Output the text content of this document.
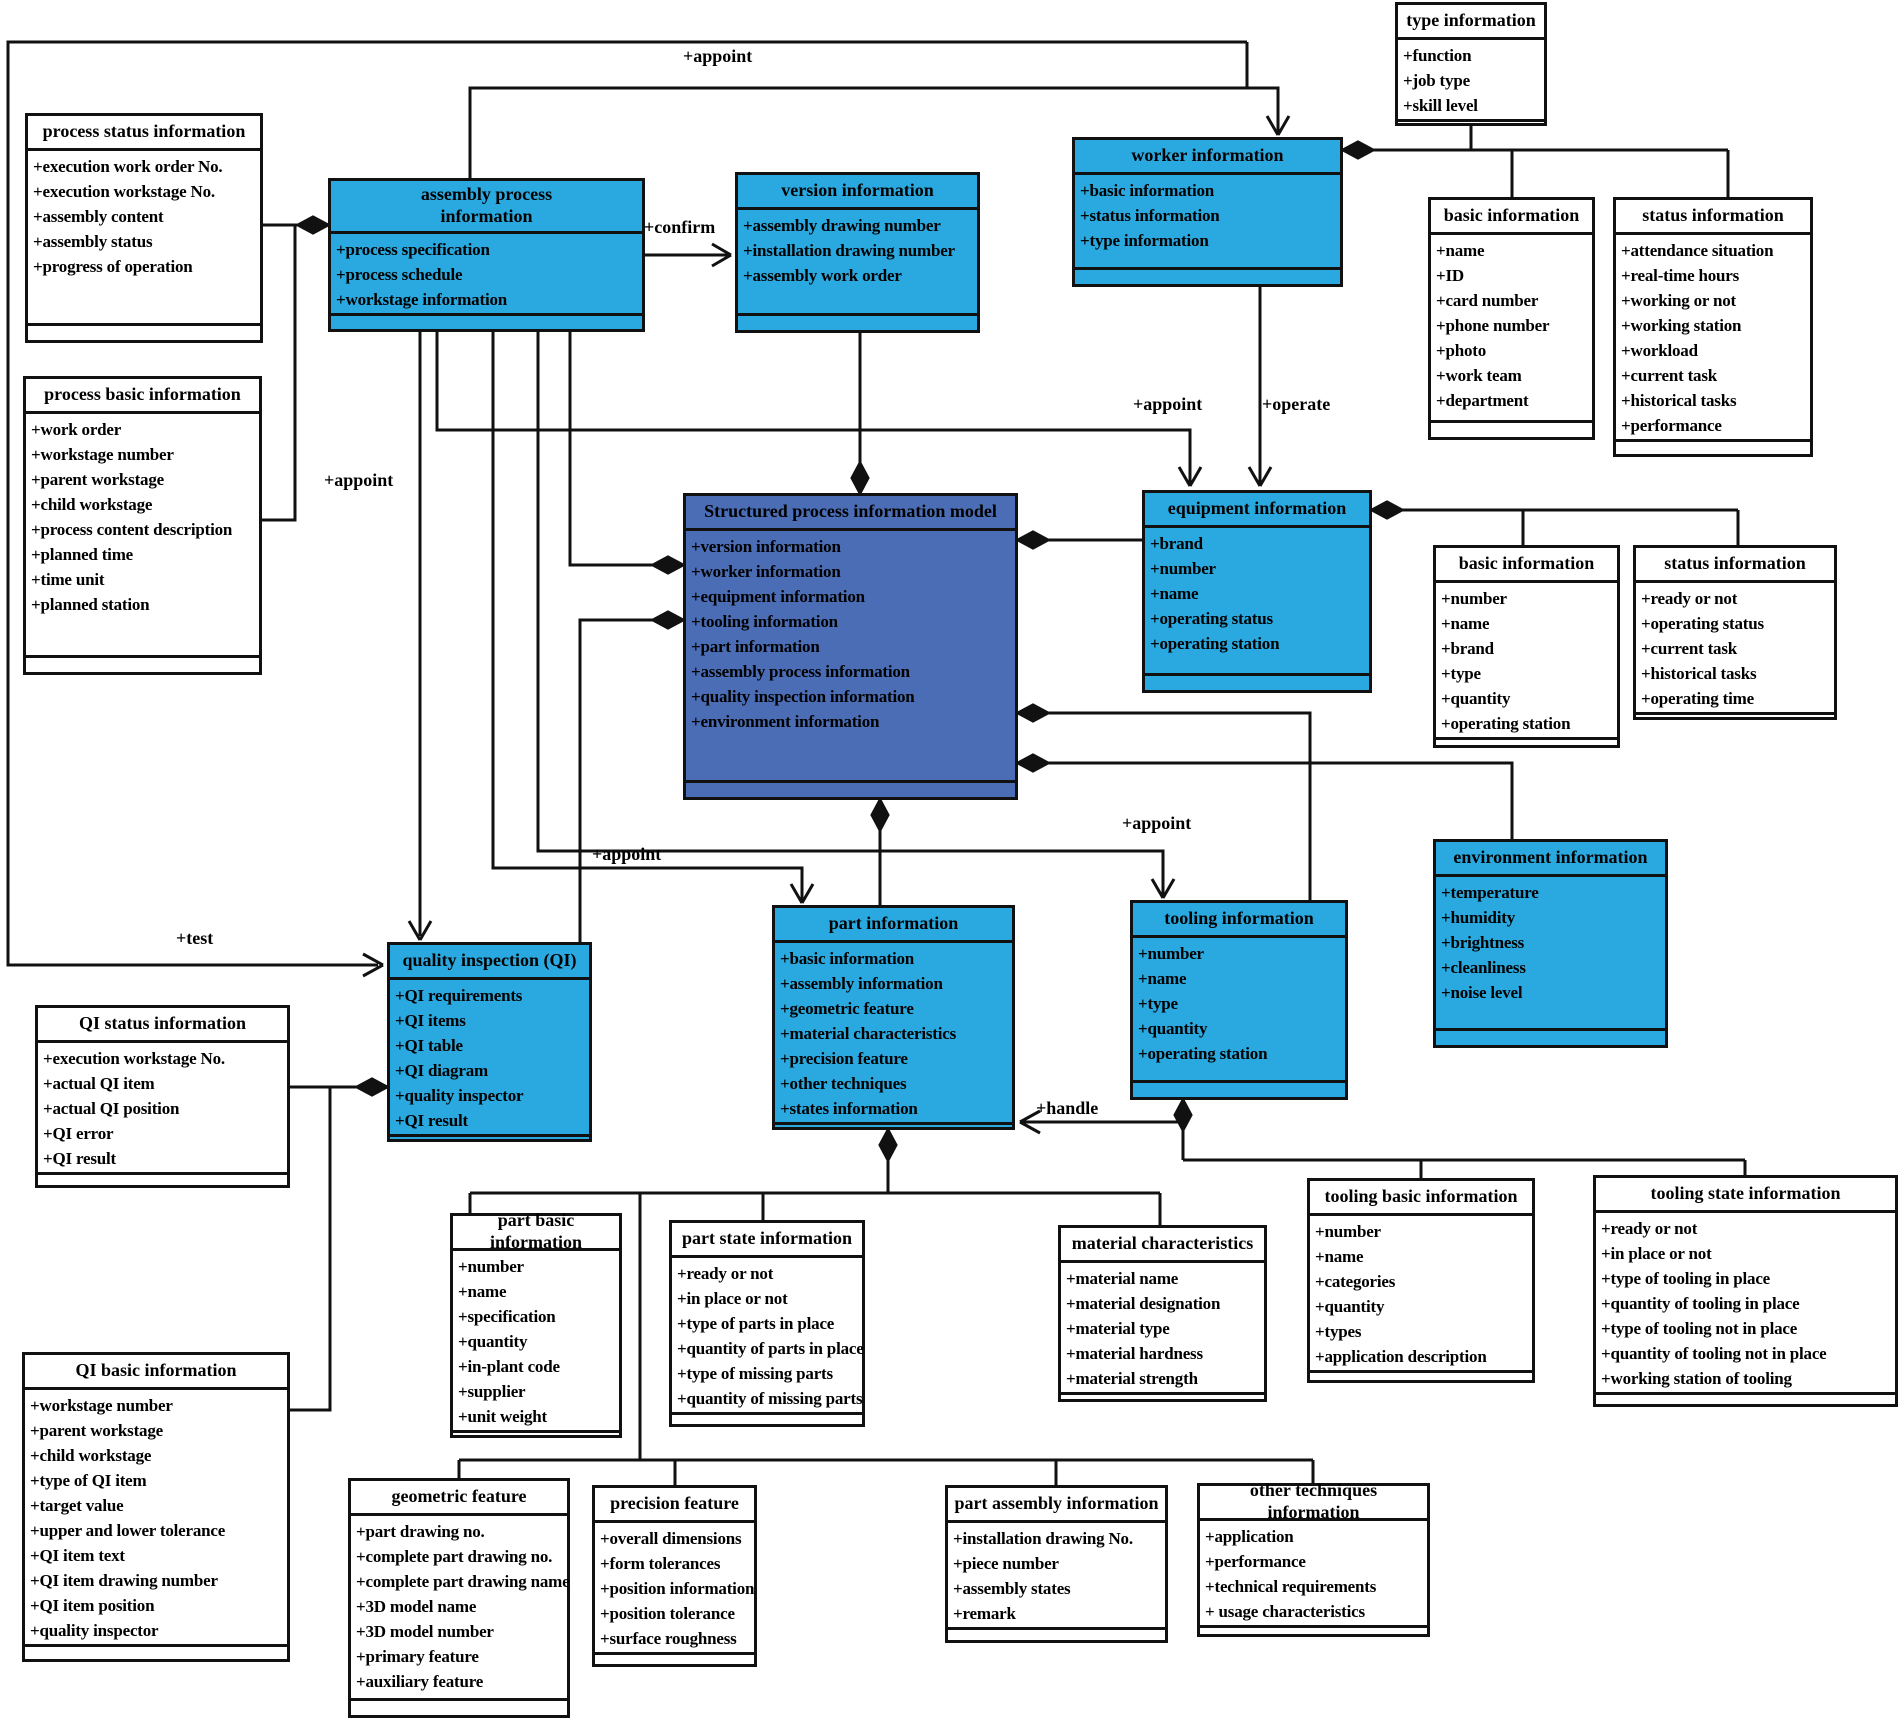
process status information
+execution work order No.
+execution workstage No.
+assembly content
+assembly status
+progress of operation
process basic information
+work order
+workstage number
+parent workstage
+child workstage
+process content description
+planned time
+time unit
+planned station
assembly process information
+process specification
+process schedule
+workstage information
version information
+assembly drawing number
+installation drawing number
+assembly work order
type information
+function
+job type
+skill level
worker information
+basic information
+status information
+type information
basic information
+name
+ID
+card number
+phone number
+photo
+work team
+department
status information
+attendance situation
+real-time hours
+working or not
+working station
+workload
+current task
+historical tasks
+performance
Structured process information model
+version information
+worker information
+equipment information
+tooling information
+part information
+assembly process information
+quality inspection information
+environment information
equipment information
+brand
+number
+name
+operating status
+operating station
basic information
+number
+name
+brand
+type
+quantity
+operating station
status information
+ready or not
+operating status
+current task
+historical tasks
+operating time
environment information
+temperature
+humidity
+brightness
+cleanliness
+noise level
quality inspection (QI)
+QI requirements
+QI items
+QI table
+QI diagram
+quality inspector
+QI result
part information
+basic information
+assembly information
+geometric feature
+material characteristics
+precision feature
+other techniques
+states information
tooling information
+number
+name
+type
+quantity
+operating station
QI status information
+execution workstage No.
+actual QI item
+actual QI position
+QI error
+QI result
QI basic information
+workstage number
+parent workstage
+child workstage
+type of QI item
+target value
+upper and lower tolerance
+QI item text
+QI item drawing number
+QI item position
+quality inspector
part basic information
+number
+name
+specification
+quantity
+in-plant code
+supplier
+unit weight
part state information
+ready or not
+in place or not
+type of parts in place
+quantity of parts in place
+type of missing parts
+quantity of missing parts
material characteristics
+material name
+material designation
+material type
+material hardness
+material strength
tooling basic information
+number
+name
+categories
+quantity
+types
+application description
tooling state information
+ready or not
+in place or not
+type of tooling in place
+quantity of tooling in place
+type of tooling not in place
+quantity of tooling not in place
+working station of tooling
geometric feature
+part drawing no.
+complete part drawing no.
+complete part drawing name
+3D model name
+3D model number
+primary feature
+auxiliary feature
precision feature
+overall dimensions
+form tolerances
+position information
+position tolerance
+surface roughness
part assembly information
+installation drawing No.
+piece number
+assembly states
+remark
other techniques information
+application
+performance
+technical requirements
+ usage characteristics
+appoint
+confirm
+appoint	+operate
+appoint
+appoint
+appoint
+test
+handle
